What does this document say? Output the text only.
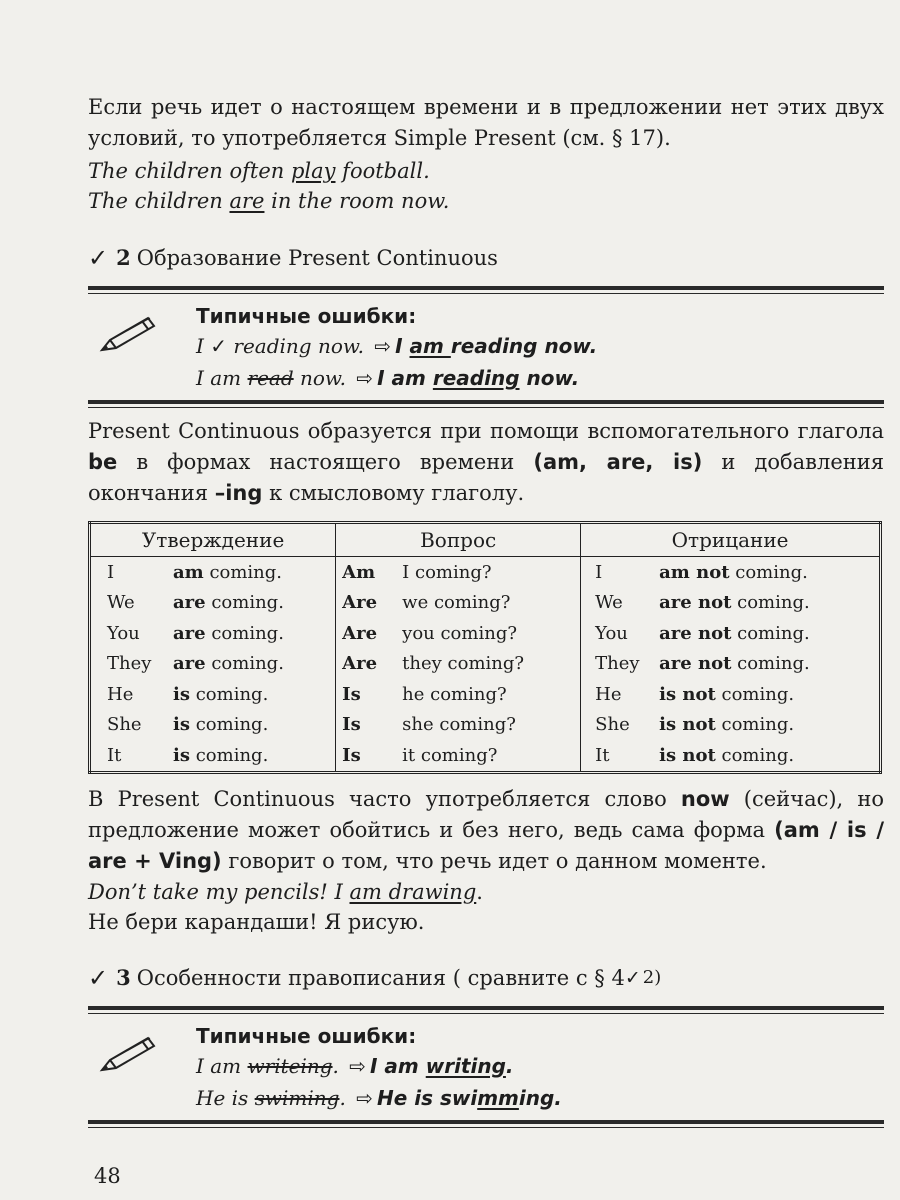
Если речь идет о настоящем времени и в предложении нет этих двух условий, то употребляется Simple Present (см. § 17).

The children often play football.

The children are in the room now.

✓ 2 Образование Present Continuous
Типичные ошибки:
I ✓ reading now. ⇨ I am reading now.
I am read now. ⇨ I am reading now.

Present Continuous образуется при помощи вспомогательного глагола be в формах настоящего времени (am, are, is) и добавления окончания –ing к смысловому глаголу.

Утверждение		Вопрос		Отрицание	
I	am coming.	Am	I coming?	I	am not coming.
We	are coming.	Are	we coming?	We	are not coming.
You	are coming.	Are	you coming?	You	are not coming.
They	are coming.	Are	they coming?	They	are not coming.
He	is coming.	Is	he coming?	He	is not coming.
She	is coming.	Is	she coming?	She	is not coming.
It	is coming.	Is	it coming?	It	is not coming.

В Present Continuous часто употребляется слово now (сейчас), но предложение может обойтись и без него, ведь сама форма (am / is / are + Ving) говорит о том, что речь идет о данном моменте.

Don’t take my pencils! I am drawing.

Не бери карандаши! Я рисую.

✓ 3 Особенности правописания ( сравните с § 4 ✓ 2)
Типичные ошибки:
I am writeing. ⇨ I am writing.
He is swiming. ⇨ He is swimming.
48
